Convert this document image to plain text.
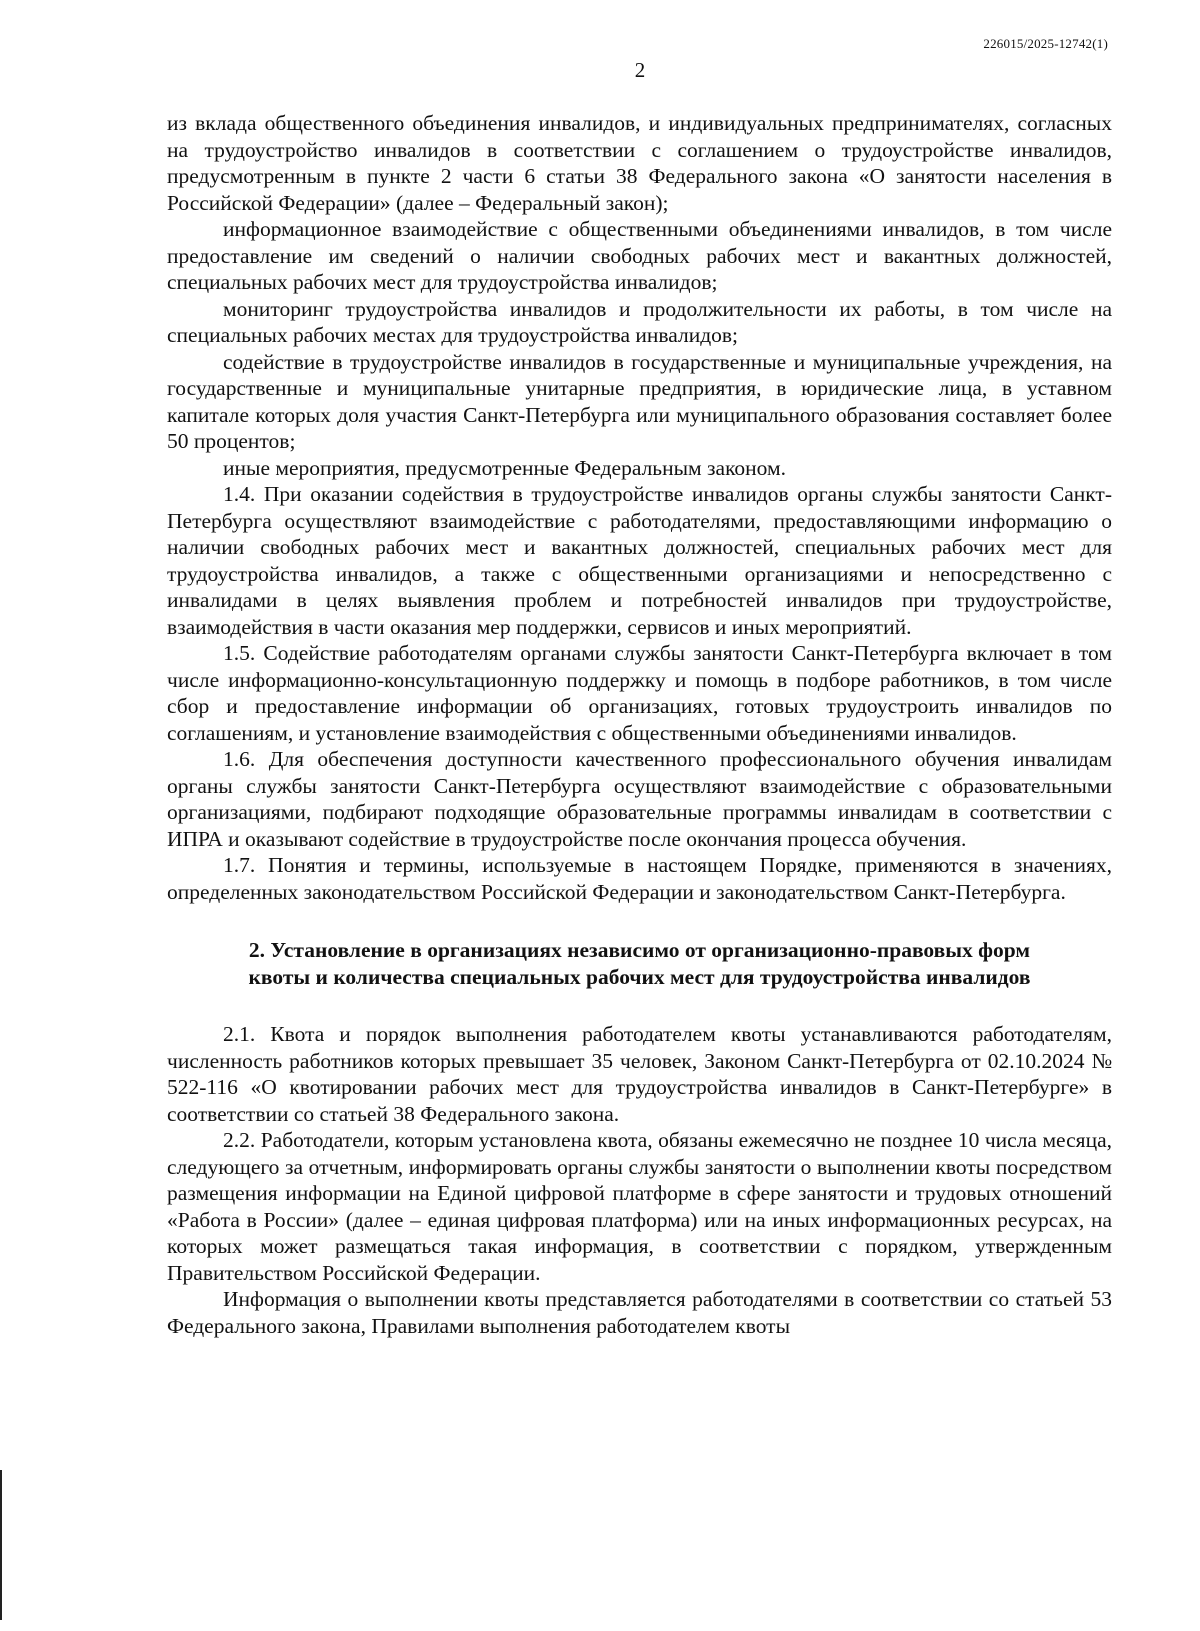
226015/2025-12742(1)
2

из вклада общественного объединения инвалидов, и индивидуальных предпринимателях, согласных на трудоустройство инвалидов в соответствии с соглашением о трудоустройстве инвалидов, предусмотренным в пункте 2 части 6 статьи 38 Федерального закона «О занятости населения в Российской Федерации» (далее – Федеральный закон);

информационное взаимодействие с общественными объединениями инвалидов, в том числе предоставление им сведений о наличии свободных рабочих мест и вакантных должностей, специальных рабочих мест для трудоустройства инвалидов;

мониторинг трудоустройства инвалидов и продолжительности их работы, в том числе на специальных рабочих местах для трудоустройства инвалидов;

содействие в трудоустройстве инвалидов в государственные и муниципальные учреждения, на государственные и муниципальные унитарные предприятия, в юридические лица, в уставном капитале которых доля участия Санкт-Петербурга или муниципального образования составляет более 50 процентов;

иные мероприятия, предусмотренные Федеральным законом.

1.4. При оказании содействия в трудоустройстве инвалидов органы службы занятости Санкт-Петербурга осуществляют взаимодействие с работодателями, предоставляющими информацию о наличии свободных рабочих мест и вакантных должностей, специальных рабочих мест для трудоустройства инвалидов, а также с общественными организациями и непосредственно с инвалидами в целях выявления проблем и потребностей инвалидов при трудоустройстве, взаимодействия в части оказания мер поддержки, сервисов и иных мероприятий.

1.5. Содействие работодателям органами службы занятости Санкт-Петербурга включает в том числе информационно-консультационную поддержку и помощь в подборе работников, в том числе сбор и предоставление информации об организациях, готовых трудоустроить инвалидов по соглашениям, и установление взаимодействия с общественными объединениями инвалидов.

1.6. Для обеспечения доступности качественного профессионального обучения инвалидам органы службы занятости Санкт-Петербурга осуществляют взаимодействие с образовательными организациями, подбирают подходящие образовательные программы инвалидам в соответствии с ИПРА и оказывают содействие в трудоустройстве после окончания процесса обучения.

1.7. Понятия и термины, используемые в настоящем Порядке, применяются в значениях, определенных законодательством Российской Федерации и законодательством Санкт-Петербурга.

2. Установление в организациях независимо от организационно-правовых форм
квоты и количества специальных рабочих мест для трудоустройства инвалидов

2.1. Квота и порядок выполнения работодателем квоты устанавливаются работодателям, численность работников которых превышает 35 человек, Законом Санкт-Петербурга от 02.10.2024 № 522-116 «О квотировании рабочих мест для трудоустройства инвалидов в Санкт-Петербурге» в соответствии со статьей 38 Федерального закона.

2.2. Работодатели, которым установлена квота, обязаны ежемесячно не позднее 10 числа месяца, следующего за отчетным, информировать органы службы занятости о выполнении квоты посредством размещения информации на Единой цифровой платформе в сфере занятости и трудовых отношений «Работа в России» (далее – единая цифровая платформа) или на иных информационных ресурсах, на которых может размещаться такая информация, в соответствии с порядком, утвержденным Правительством Российской Федерации.

Информация о выполнении квоты представляется работодателями в соответствии со статьей 53 Федерального закона, Правилами выполнения работодателем квоты
